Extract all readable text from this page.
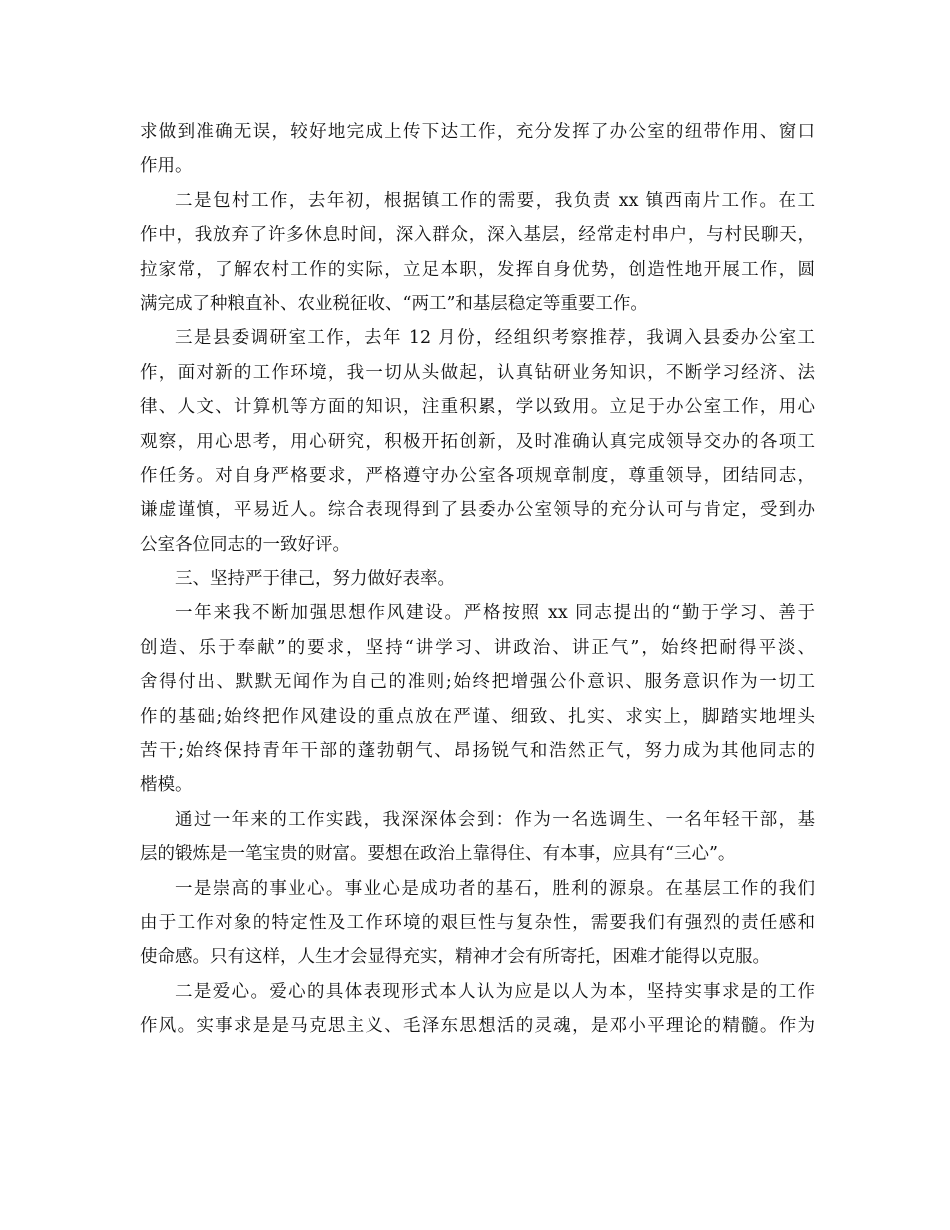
求做到准确无误，较好地完成上传下达工作，充分发挥了办公室的纽带作用、窗口
作用。
二是包村工作，去年初，根据镇工作的需要，我负责 xx 镇西南片工作。在工
作中，我放弃了许多休息时间，深入群众，深入基层，经常走村串户，与村民聊天，
拉家常，了解农村工作的实际，立足本职，发挥自身优势，创造性地开展工作，圆
满完成了种粮直补、农业税征收、“两工”和基层稳定等重要工作。
三是县委调研室工作，去年 12 月份，经组织考察推荐，我调入县委办公室工
作，面对新的工作环境，我一切从头做起，认真钻研业务知识，不断学习经济、法
律、人文、计算机等方面的知识，注重积累，学以致用。立足于办公室工作，用心
观察，用心思考，用心研究，积极开拓创新，及时准确认真完成领导交办的各项工
作任务。对自身严格要求，严格遵守办公室各项规章制度，尊重领导，团结同志，
谦虚谨慎，平易近人。综合表现得到了县委办公室领导的充分认可与肯定，受到办
公室各位同志的一致好评。
三、坚持严于律己，努力做好表率。
一年来我不断加强思想作风建设。严格按照 xx 同志提出的“勤于学习、善于
创造、乐于奉献”的要求，坚持“讲学习、讲政治、讲正气”，始终把耐得平淡、
舍得付出、默默无闻作为自己的准则;始终把增强公仆意识、服务意识作为一切工
作的基础;始终把作风建设的重点放在严谨、细致、扎实、求实上，脚踏实地埋头
苦干;始终保持青年干部的蓬勃朝气、昂扬锐气和浩然正气，努力成为其他同志的
楷模。
通过一年来的工作实践，我深深体会到：作为一名选调生、一名年轻干部，基
层的锻炼是一笔宝贵的财富。要想在政治上靠得住、有本事，应具有“三心”。
一是崇高的事业心。事业心是成功者的基石，胜利的源泉。在基层工作的我们
由于工作对象的特定性及工作环境的艰巨性与复杂性，需要我们有强烈的责任感和
使命感。只有这样，人生才会显得充实，精神才会有所寄托，困难才能得以克服。
二是爱心。爱心的具体表现形式本人认为应是以人为本，坚持实事求是的工作
作风。实事求是是马克思主义、毛泽东思想活的灵魂，是邓小平理论的精髓。作为
